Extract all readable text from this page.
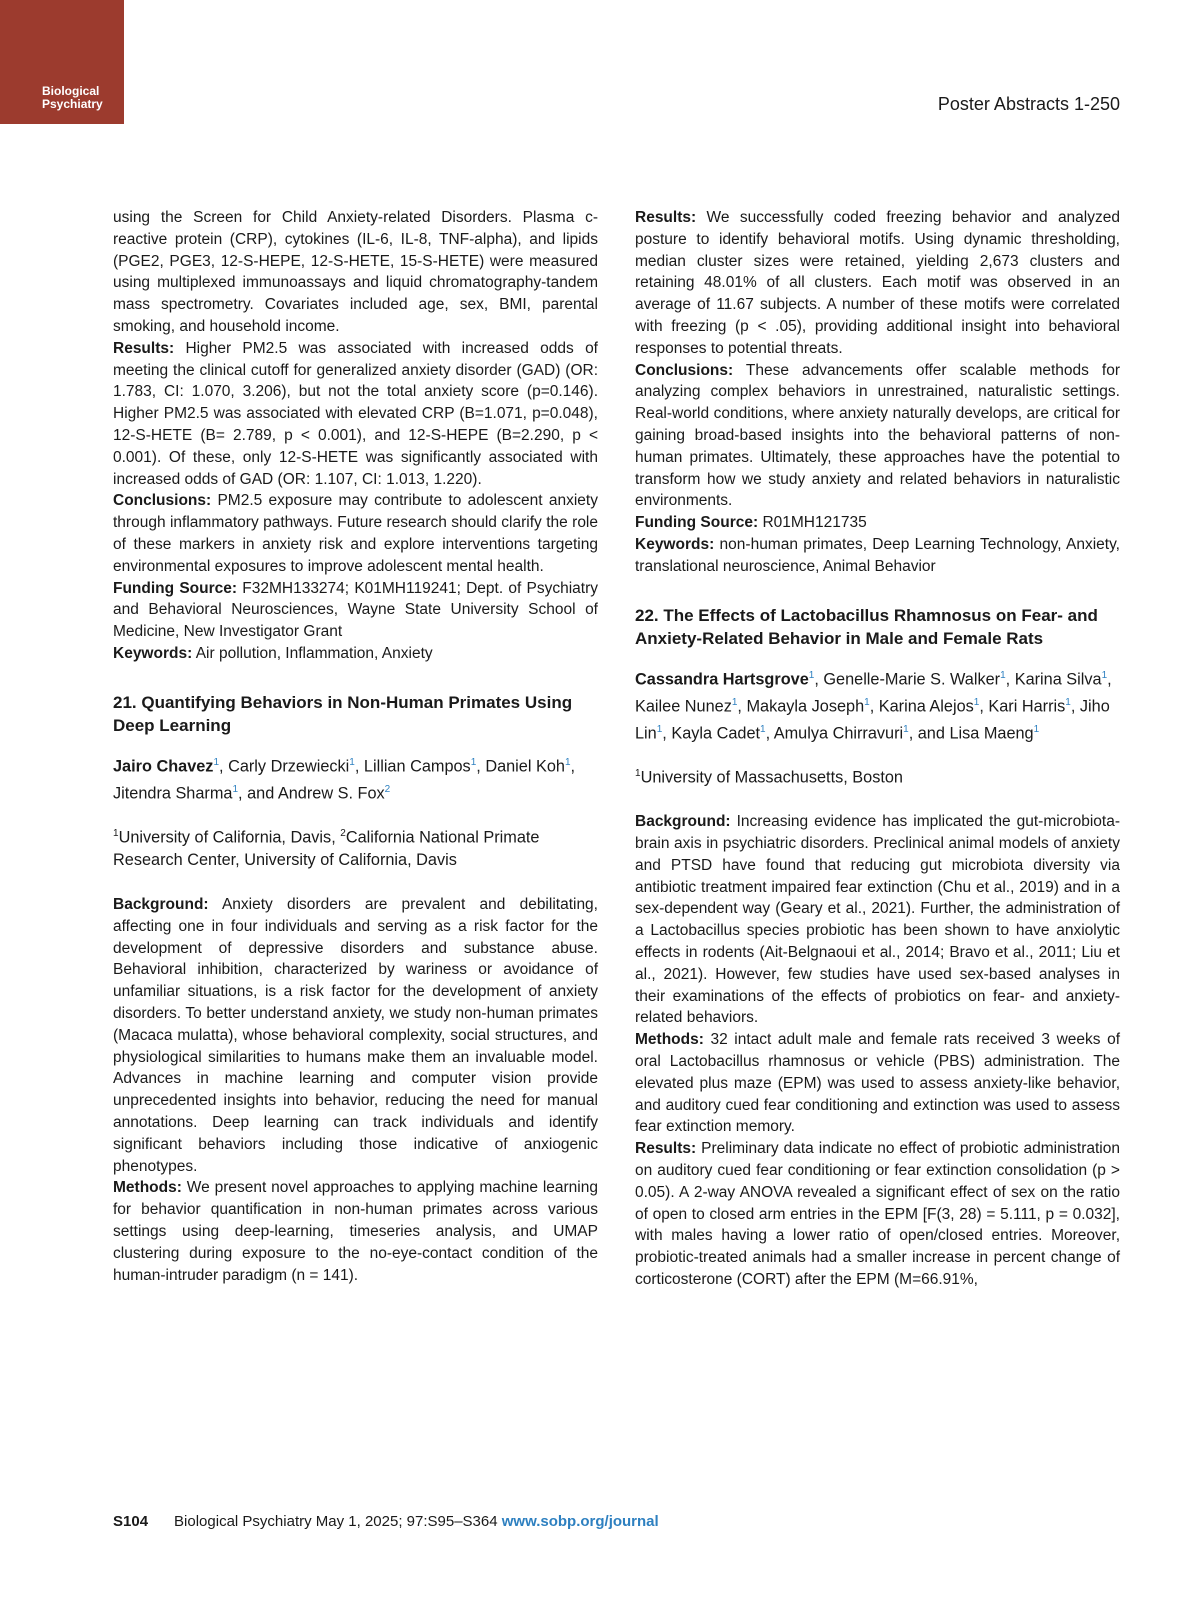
Biological
Psychiatry	Poster Abstracts 1-250

using the Screen for Child Anxiety-related Disorders. Plasma c-reactive protein (CRP), cytokines (IL-6, IL-8, TNF-alpha), and lipids (PGE2, PGE3, 12-S-HEPE, 12-S-HETE, 15-S-HETE) were measured using multiplexed immunoassays and liquid chromatography-tandem mass spectrometry. Covariates included age, sex, BMI, parental smoking, and household income.

Results: Higher PM2.5 was associated with increased odds of meeting the clinical cutoff for generalized anxiety disorder (GAD) (OR: 1.783, CI: 1.070, 3.206), but not the total anxiety score (p=0.146). Higher PM2.5 was associated with elevated CRP (B=1.071, p=0.048), 12-S-HETE (B= 2.789, p < 0.001), and 12-S-HEPE (B=2.290, p < 0.001). Of these, only 12-S-HETE was significantly associated with increased odds of GAD (OR: 1.107, CI: 1.013, 1.220).

Conclusions: PM2.5 exposure may contribute to adolescent anxiety through inflammatory pathways. Future research should clarify the role of these markers in anxiety risk and explore interventions targeting environmental exposures to improve adolescent mental health.

Funding Source: F32MH133274; K01MH119241; Dept. of Psychiatry and Behavioral Neurosciences, Wayne State University School of Medicine, New Investigator Grant

Keywords: Air pollution, Inflammation, Anxiety

21. Quantifying Behaviors in Non-Human Primates Using Deep Learning

Jairo Chavez$^1$, Carly Drzewiecki$^1$, Lillian Campos$^1$, Daniel Koh$^1$, Jitendra Sharma$^1$, and Andrew S. Fox$^2$

$^1$University of California, Davis, $^2$California National Primate Research Center, University of California, Davis

Background: Anxiety disorders are prevalent and debilitating, affecting one in four individuals and serving as a risk factor for the development of depressive disorders and substance abuse. Behavioral inhibition, characterized by wariness or avoidance of unfamiliar situations, is a risk factor for the development of anxiety disorders. To better understand anxiety, we study non-human primates (Macaca mulatta), whose behavioral complexity, social structures, and physiological similarities to humans make them an invaluable model. Advances in machine learning and computer vision provide unprecedented insights into behavior, reducing the need for manual annotations. Deep learning can track individuals and identify significant behaviors including those indicative of anxiogenic phenotypes.

Methods: We present novel approaches to applying machine learning for behavior quantification in non-human primates across various settings using deep-learning, timeseries analysis, and UMAP clustering during exposure to the no-eye-contact condition of the human-intruder paradigm (n = 141).

Results: We successfully coded freezing behavior and analyzed posture to identify behavioral motifs. Using dynamic thresholding, median cluster sizes were retained, yielding 2,673 clusters and retaining 48.01% of all clusters. Each motif was observed in an average of 11.67 subjects. A number of these motifs were correlated with freezing (p < .05), providing additional insight into behavioral responses to potential threats.

Conclusions: These advancements offer scalable methods for analyzing complex behaviors in unrestrained, naturalistic settings. Real-world conditions, where anxiety naturally develops, are critical for gaining broad-based insights into the behavioral patterns of non-human primates. Ultimately, these approaches have the potential to transform how we study anxiety and related behaviors in naturalistic environments.

Funding Source: R01MH121735

Keywords: non-human primates, Deep Learning Technology, Anxiety, translational neuroscience, Animal Behavior

22. The Effects of Lactobacillus Rhamnosus on Fear- and Anxiety-Related Behavior in Male and Female Rats

Cassandra Hartsgrove$^1$, Genelle-Marie S. Walker$^1$, Karina Silva$^1$, Kailee Nunez$^1$, Makayla Joseph$^1$, Karina Alejos$^1$, Kari Harris$^1$, Jiho Lin$^1$, Kayla Cadet$^1$, Amulya Chirravuri$^1$, and Lisa Maeng$^1$

$^1$University of Massachusetts, Boston

Background: Increasing evidence has implicated the gut-microbiota-brain axis in psychiatric disorders. Preclinical animal models of anxiety and PTSD have found that reducing gut microbiota diversity via antibiotic treatment impaired fear extinction (Chu et al., 2019) and in a sex-dependent way (Geary et al., 2021). Further, the administration of a Lactobacillus species probiotic has been shown to have anxiolytic effects in rodents (Ait-Belgnaoui et al., 2014; Bravo et al., 2011; Liu et al., 2021). However, few studies have used sex-based analyses in their examinations of the effects of probiotics on fear- and anxiety-related behaviors.

Methods: 32 intact adult male and female rats received 3 weeks of oral Lactobacillus rhamnosus or vehicle (PBS) administration. The elevated plus maze (EPM) was used to assess anxiety-like behavior, and auditory cued fear conditioning and extinction was used to assess fear extinction memory.

Results: Preliminary data indicate no effect of probiotic administration on auditory cued fear conditioning or fear extinction consolidation (p > 0.05). A 2-way ANOVA revealed a significant effect of sex on the ratio of open to closed arm entries in the EPM [F(3, 28) = 5.111, p = 0.032], with males having a lower ratio of open/closed entries. Moreover, probiotic-treated animals had a smaller increase in percent change of corticosterone (CORT) after the EPM (M=66.91%,

S104 Biological Psychiatry May 1, 2025; 97:S95–S364 www.sobp.org/journal
